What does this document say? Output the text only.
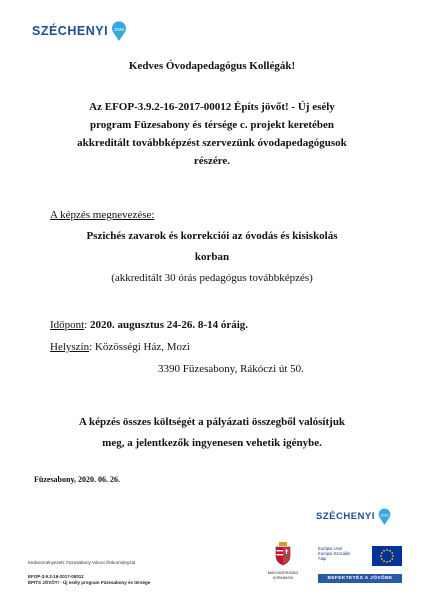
SZÉCHENYI 2020
Kedves Óvodapedagógus Kollégák!
Az EFOP-3.9.2-16-2017-00012 Építs jövőt! - Új esély
program Füzesabony és térsége c. projekt keretében
akkreditált továbbképzést szervezünk óvodapedagógusok
részére.
A képzés megnevezése:
Pszichés zavarok és korrekciói az óvodás és kisiskolás
korban
(akkreditált 30 órás pedagógus továbbképzés)
Időpont: 2020. augusztus 24-26. 8-14 óráig.
Helyszín: Közösségi Ház, Mozi
3390 Füzesabony, Rákóczi út 50.
A képzés összes költségét a pályázati összegből valósítjuk
meg, a jelentkezők ingyenesen vehetik igénybe.
Füzesabony, 2020. 06. 26.
SZÉCHENYI 2020
Kedvezményezett: Füzesabony Városi Önkormányzat
EFOP-3.9.2-16-2017-00012
ÉPÍTS JÖVŐT! - Új esély program Füzesabony és térsége
MAGYARORSZÁG
KORMÁNYA
Európai Unió
Európai Szociális
Alap
BEFEKTETÉS A JÖVŐBE
